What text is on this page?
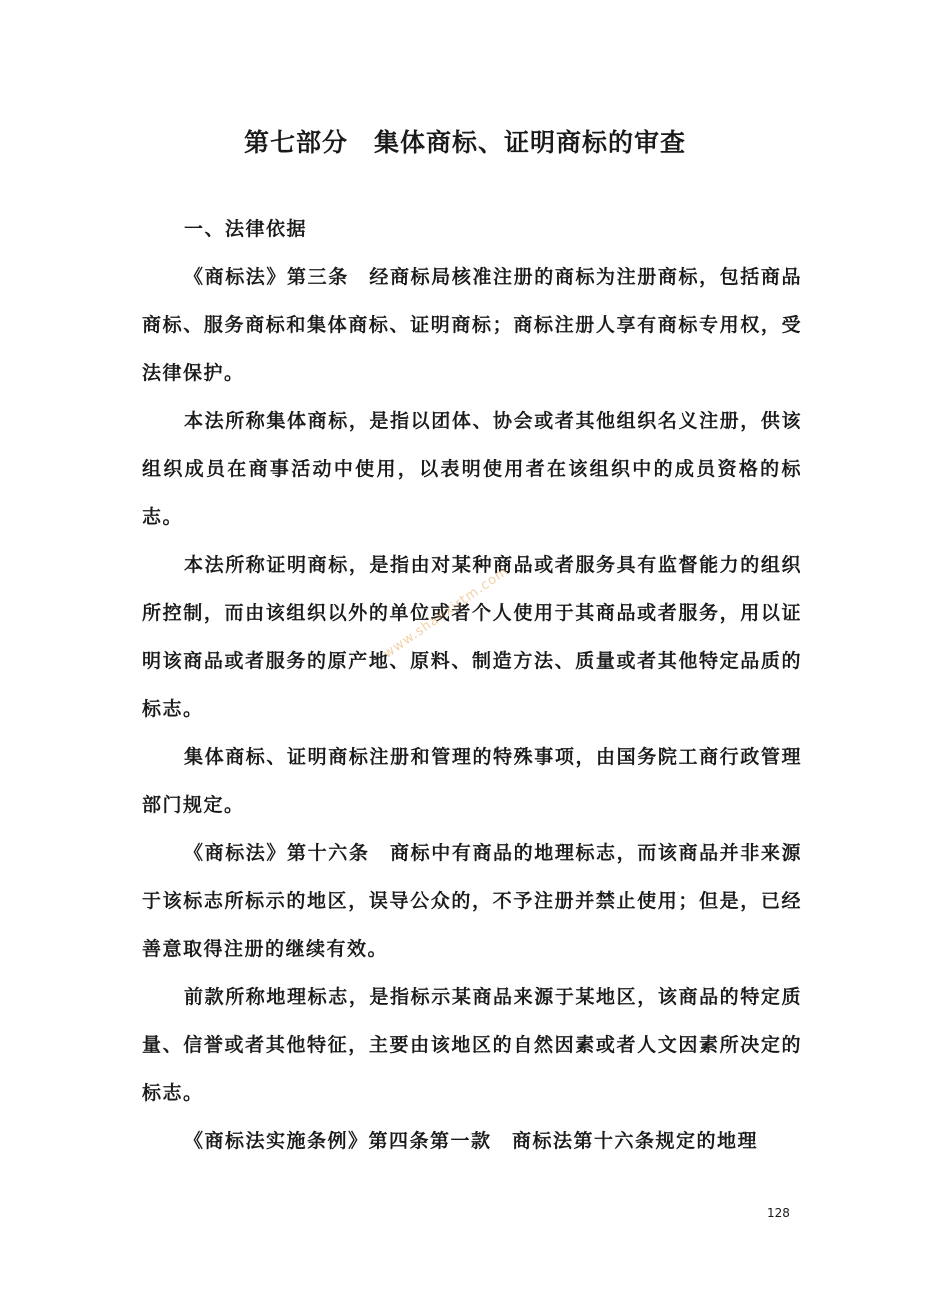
第七部分　集体商标、证明商标的审查

一、法律依据

《商标法》第三条　经商标局核准注册的商标为注册商标，包括商品商标、服务商标和集体商标、证明商标；商标注册人享有商标专用权，受法律保护。

本法所称集体商标，是指以团体、协会或者其他组织名义注册，供该组织成员在商事活动中使用，以表明使用者在该组织中的成员资格的标志。

本法所称证明商标，是指由对某种商品或者服务具有监督能力的组织所控制，而由该组织以外的单位或者个人使用于其商品或者服务，用以证明该商品或者服务的原产地、原料、制造方法、质量或者其他特定品质的标志。

集体商标、证明商标注册和管理的特殊事项，由国务院工商行政管理部门规定。

《商标法》第十六条　商标中有商品的地理标志，而该商品并非来源于该标志所标示的地区，误导公众的，不予注册并禁止使用；但是，已经善意取得注册的继续有效。

前款所称地理标志，是指标示某商品来源于某地区，该商品的特定质量、信誉或者其他特征，主要由该地区的自然因素或者人文因素所决定的标志。

《商标法实施条例》第四条第一款　商标法第十六条规定的地理

www.shanxirtm.com
128
